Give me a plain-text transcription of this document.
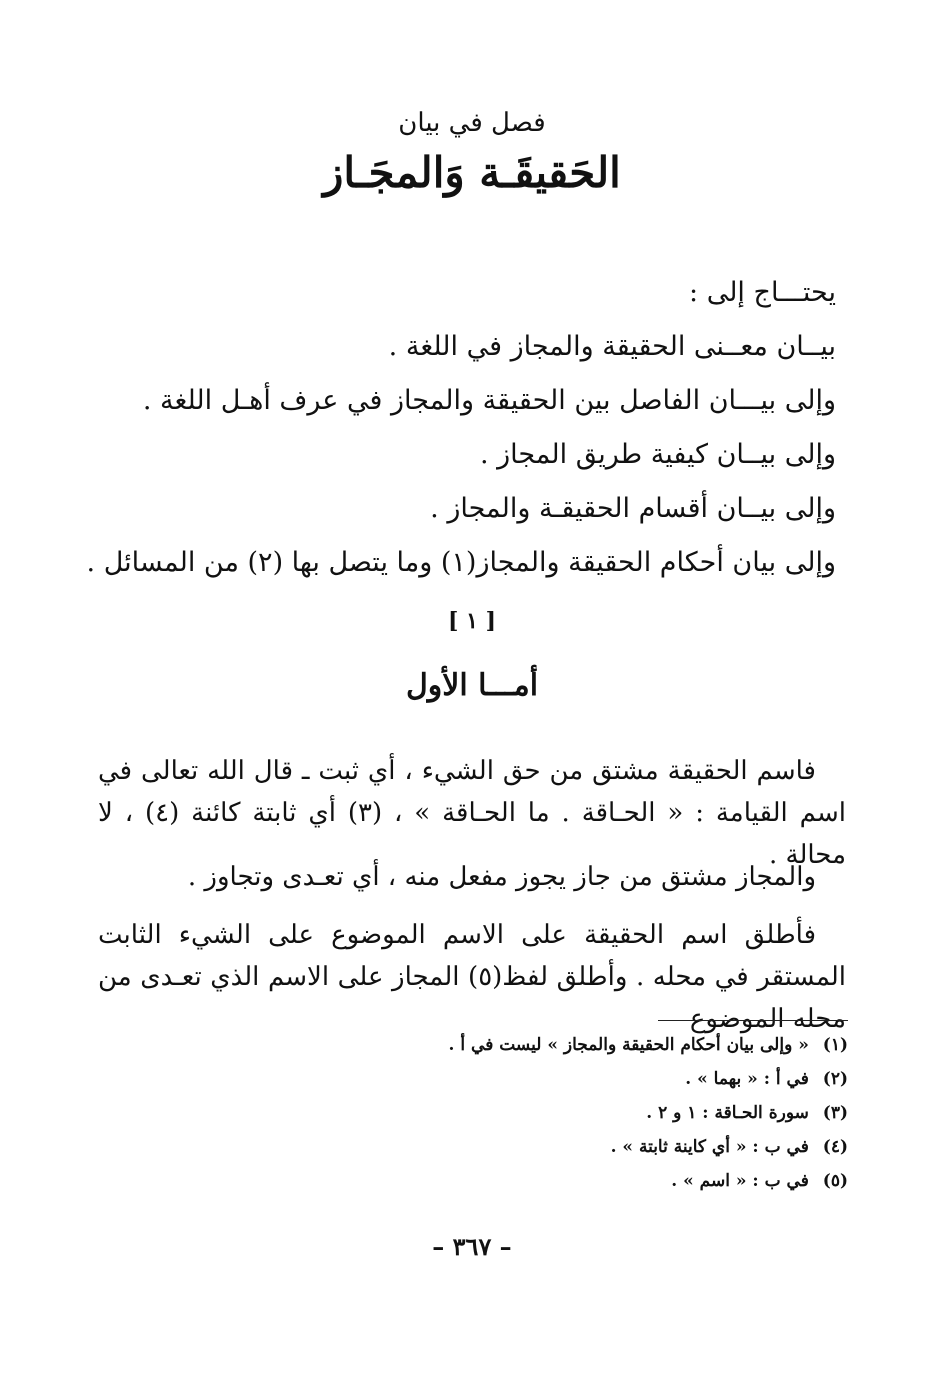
فصل في بيان
الحَقيقَـة وَالمجَـاز
يحتـــاج إلى :
بيــان معــنى الحقيقة والمجاز في اللغة .
وإلى بيـــان الفاصل بين الحقيقة والمجاز في عرف أهـل اللغة .
وإلى بيــان كيفية طريق المجاز .
وإلى بيــان أقسام الحقيقـة والمجاز .
وإلى بيان أحكام الحقيقة والمجاز(١) وما يتصل بها (٢) من المسائل .
[ ١ ]
أمـــا الأول

فاسم الحقيقة مشتق من حق الشيء ، أي ثبت ـ قال الله تعالى في اسم القيامة : « الحـاقة . ما الحـاقة » ، (٣) أي ثابتة كائنة (٤) ، لا محالة .

والمجاز مشتق من جاز يجوز مفعل منه ، أي تعـدى وتجاوز .

فأطلق اسم الحقيقة على الاسم الموضوع على الشيء الثابت المستقر في محله . وأطلق لفظ(٥) المجاز على الاسم الذي تعـدى من محله الموضوع

(١) « وإلى بيان أحكام الحقيقة والمجاز » ليست في أ .
(٢) في أ : « بهما » .
(٣) سورة الحـاقة : ١ و ٢ .
(٤) في ب : « أي كاينة ثابتة » .
(٥) في ب : « اسم » .
– ٣٦٧ –
